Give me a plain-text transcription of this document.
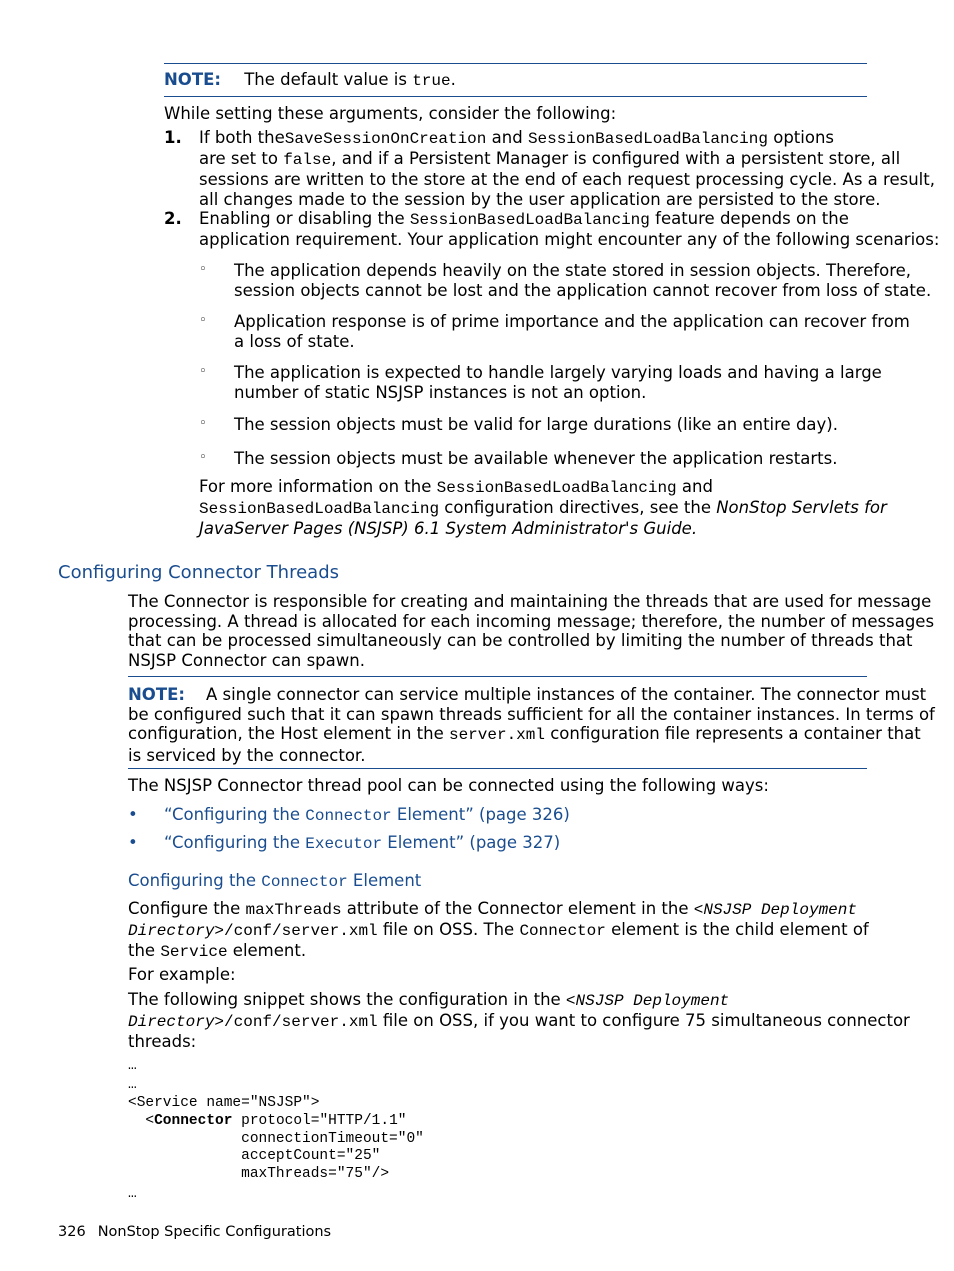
NOTE: The default value is true.
While setting these arguments, consider the following:
1. If both theSaveSessionOnCreation and SessionBasedLoadBalancing options
are set to false, and if a Persistent Manager is configured with a persistent store, all
sessions are written to the store at the end of each request processing cycle. As a result,
all changes made to the session by the user application are persisted to the store.
2. Enabling or disabling the SessionBasedLoadBalancing feature depends on the
application requirement. Your application might encounter any of the following scenarios:
◦ The application depends heavily on the state stored in session objects. Therefore,
session objects cannot be lost and the application cannot recover from loss of state.
◦ Application response is of prime importance and the application can recover from
a loss of state.
◦ The application is expected to handle largely varying loads and having a large
number of static NSJSP instances is not an option.
◦ The session objects must be valid for large durations (like an entire day).
◦ The session objects must be available whenever the application restarts.
For more information on the SessionBasedLoadBalancing and
SessionBasedLoadBalancing configuration directives, see the NonStop Servlets for
JavaServer Pages (NSJSP) 6.1 System Administrator's Guide.
Configuring Connector Threads
The Connector is responsible for creating and maintaining the threads that are used for message
processing. A thread is allocated for each incoming message; therefore, the number of messages
that can be processed simultaneously can be controlled by limiting the number of threads that
NSJSP Connector can spawn.
NOTE: A single connector can service multiple instances of the container. The connector must
be configured such that it can spawn threads sufficient for all the container instances. In terms of
configuration, the Host element in the server.xml configuration file represents a container that
is serviced by the connector.
The NSJSP Connector thread pool can be connected using the following ways:
• “Configuring the Connector Element” (page 326)
• “Configuring the Executor Element” (page 327)
Configuring the Connector Element
Configure the maxThreads attribute of the Connector element in the <NSJSP Deployment
Directory>/conf/server.xml file on OSS. The Connector element is the child element of
the Service element.
For example:
The following snippet shows the configuration in the <NSJSP Deployment
Directory>/conf/server.xml file on OSS, if you want to configure 75 simultaneous connector
threads:
…
…
<Service name="NSJSP">
<Connector protocol="HTTP/1.1"
connectionTimeout="0"
acceptCount="25"
maxThreads="75"/>
…
326 NonStop Specific Configurations
